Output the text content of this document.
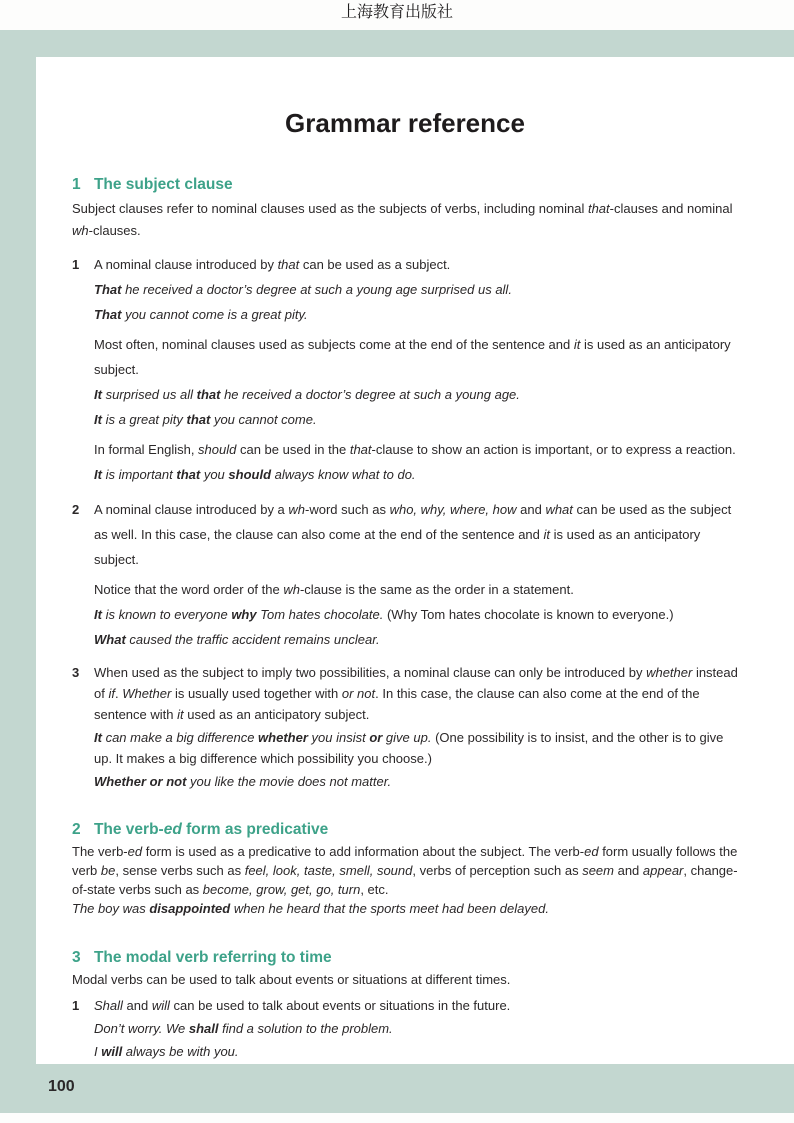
上海教育出版社
Grammar reference
1 The subject clause

Subject clauses refer to nominal clauses used as the subjects of verbs, including nominal that-clauses and nominal wh-clauses.

1	A nominal clause introduced by that can be used as a subject.

That he received a doctor’s degree at such a young age surprised us all.

That you cannot come is a great pity.

Most often, nominal clauses used as subjects come at the end of the sentence and it is used as an anticipatory subject.

It surprised us all that he received a doctor’s degree at such a young age.

It is a great pity that you cannot come.

In formal English, should can be used in the that-clause to show an action is important, or to express a reaction.

It is important that you should always know what to do.

2	A nominal clause introduced by a wh-word such as who, why, where, how and what can be used as the subject as well. In this case, the clause can also come at the end of the sentence and it is used as an anticipatory subject.

Notice that the word order of the wh-clause is the same as the order in a statement.

It is known to everyone why Tom hates chocolate. (Why Tom hates chocolate is known to everyone.)

What caused the traffic accident remains unclear.

3	When used as the subject to imply two possibilities, a nominal clause can only be introduced by whether instead of if. Whether is usually used together with or not. In this case, the clause can also come at the end of the sentence with it used as an anticipatory subject.

It can make a big difference whether you insist or give up. (One possibility is to insist, and the other is to give up. It makes a big difference which possibility you choose.)

Whether or not you like the movie does not matter.

2 The verb-ed form as predicative

The verb-ed form is used as a predicative to add information about the subject. The verb-ed form usually follows the verb be, sense verbs such as feel, look, taste, smell, sound, verbs of perception such as seem and appear, change-of-state verbs such as become, grow, get, go, turn, etc.

The boy was disappointed when he heard that the sports meet had been delayed.

3 The modal verb referring to time

Modal verbs can be used to talk about events or situations at different times.

1	Shall and will can be used to talk about events or situations in the future.

Don’t worry. We shall find a solution to the problem.

I will always be with you.

100
